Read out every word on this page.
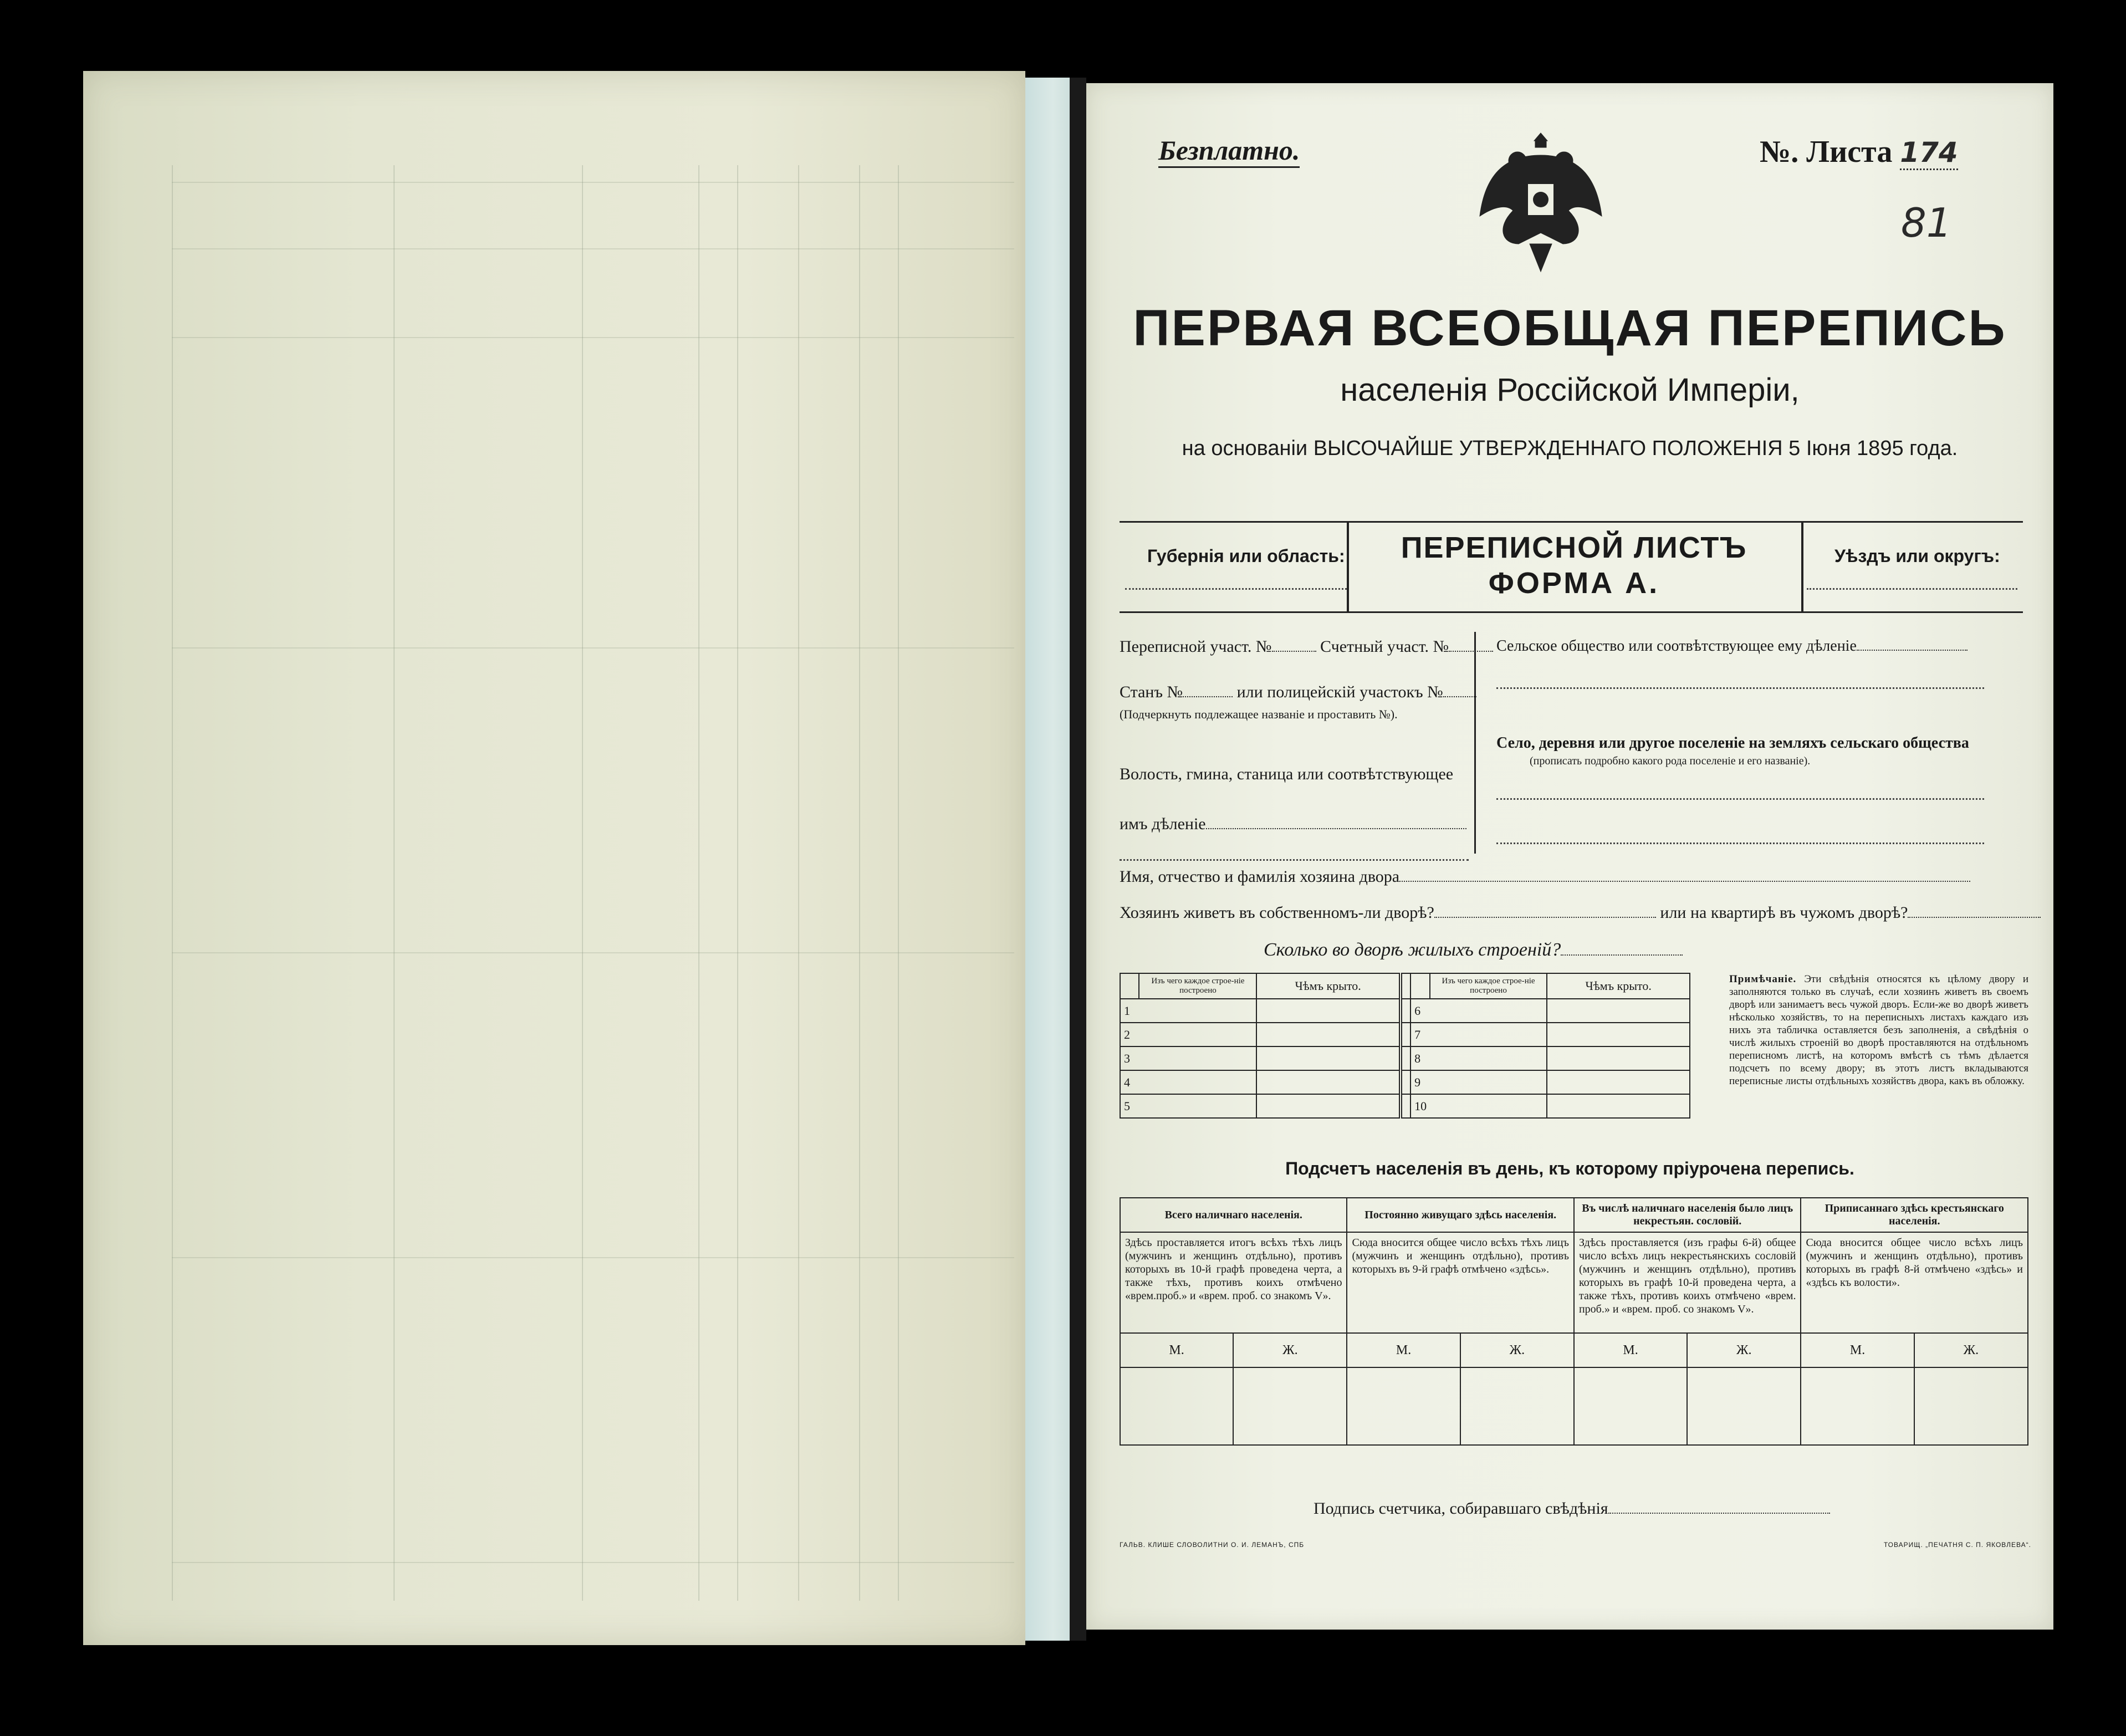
Безплатно.	№. Листа 174
81
ПЕРВАЯ ВСЕОБЩАЯ ПЕРЕПИСЬ
населенія Россійской Имперіи,
на основаніи ВЫСОЧАЙШЕ УТВЕРЖДЕННАГО ПОЛОЖЕНІЯ 5 Іюня 1895 года.
Губернія или область:	ПЕРЕПИСНОЙ ЛИСТЪ
ФОРМА А.
Уѣздъ или округъ:
Переписной участ. №	Счетный участ. №
Станъ №	или полицейскій участокъ №
(Подчеркнуть подлежащее названіе и проставить №).
Волость, гмина, станица или соотвѣтствующее
имъ дѣленіе
Сельское общество или соотвѣтствующее ему дѣленіе
Село, деревня или другое поселеніе на земляхъ сельскаго общества
(прописать подробно какого рода поселеніе и его названіе).
Имя, отчество и фамилія хозяина двора
Хозяинъ живетъ въ собственномъ-ли дворѣ?	или на квартирѣ въ чужомъ дворѣ?
Сколько во дворѣ жилыхъ строеній?
	Изъ чего каждое строе-ніе построено	Чѣмъ крыто.			Изъ чего каждое строе-ніе построено	Чѣмъ крыто.
1				6		
2				7		
3				8		
4				9		
5				10		
Примѣчаніе. Эти свѣдѣнія относятся къ цѣлому двору и заполняются только въ случаѣ, если хозяинъ живетъ въ своемъ дворѣ или занимаетъ весь чужой дворъ. Если-же во дворѣ живетъ нѣсколько хозяйствъ, то на переписныхъ листахъ каждаго изъ нихъ эта табличка оставляется безъ заполненія, а свѣдѣнія о числѣ жилыхъ строеній во дворѣ проставляются на отдѣльномъ переписномъ листѣ, на которомъ вмѣстѣ съ тѣмъ дѣлается подсчетъ по всему двору; въ этотъ листъ вкладываются переписные листы отдѣльныхъ хозяйствъ двора, какъ въ обложку.
Подсчетъ населенія въ день, къ которому пріурочена перепись.
Всего наличнаго населенія.		Постоянно живущаго здѣсь населенія.		Въ числѣ наличнаго населенія было лицъ некрестьян. сословій.		Приписаннаго здѣсь крестьянскаго населенія.	
Здѣсь проставляется итогъ всѣхъ тѣхъ лицъ (мужчинъ и женщинъ отдѣльно), противъ которыхъ въ 10-й графѣ проведена черта, а также тѣхъ, противъ коихъ отмѣчено «врем.проб.» и «врем. проб. со знакомъ V».		Сюда вносится общее число всѣхъ тѣхъ лицъ (мужчинъ и женщинъ отдѣльно), противъ которыхъ въ 9-й графѣ отмѣчено «здѣсь».		Здѣсь проставляется (изъ графы 6-й) общее число всѣхъ лицъ некрестьянскихъ сословій (мужчинъ и женщинъ отдѣльно), противъ которыхъ въ графѣ 10-й проведена черта, а также тѣхъ, противъ коихъ отмѣчено «врем. проб.» и «врем. проб. со знакомъ V».		Сюда вносится общее число всѣхъ лицъ (мужчинъ и женщинъ отдѣльно), противъ которыхъ въ графѣ 8-й отмѣчено «здѣсь» и «здѣсь къ волости».	
М.	Ж.	М.	Ж.	М.	Ж.	М.	Ж.

Подпись счетчика, собиравшаго свѣдѣнія
ГАЛЬВ. КЛИШЕ СЛОВОЛИТНИ О. И. ЛЕМАНЪ, СПБ	ТОВАРИЩ. „ПЕЧАТНЯ С. П. ЯКОВЛЕВА“.
